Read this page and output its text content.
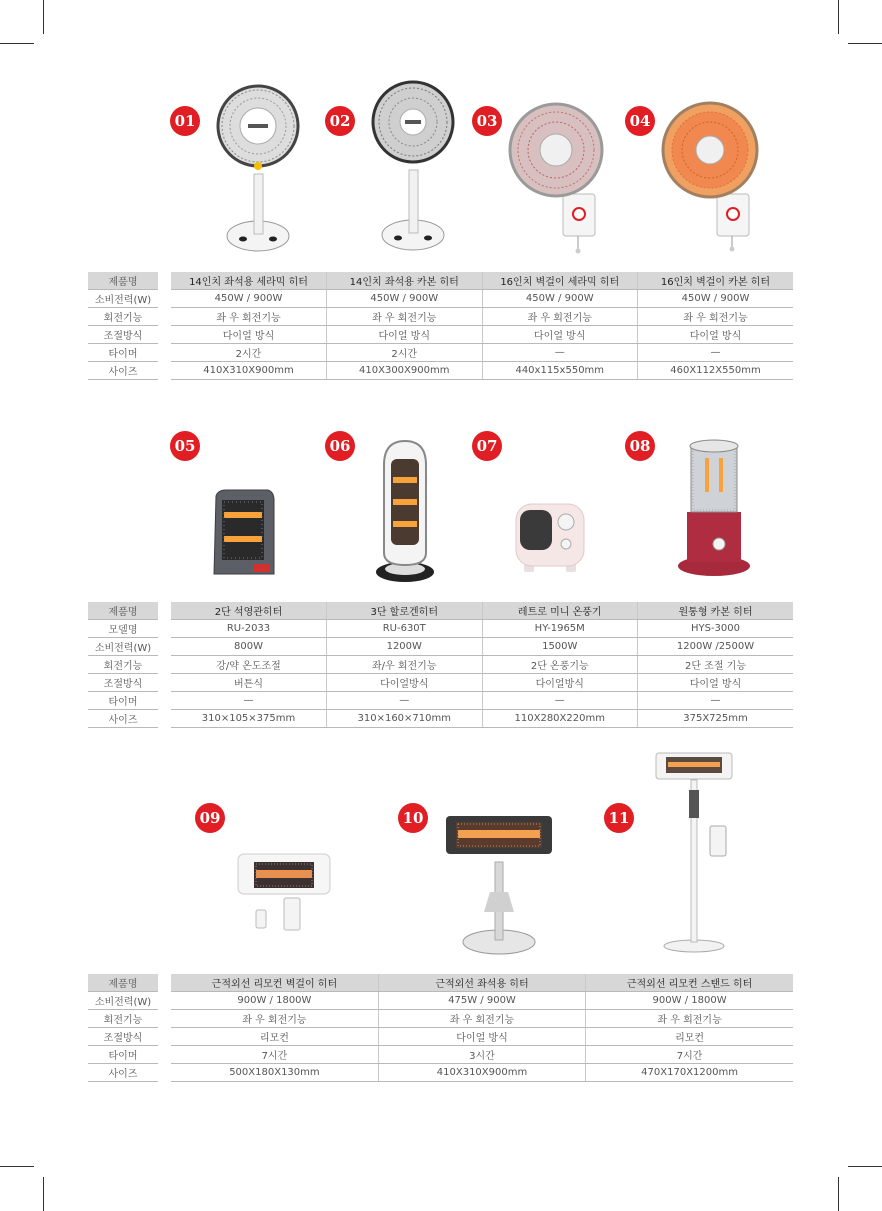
01	02	03	04
제품명		14인치 좌석용 세라믹 히터	14인치 좌석용 카본 히터	16인치 벽걸이 세라믹 히터	16인치 벽걸이 카본 히터
소비전력(W)		450W / 900W	450W / 900W	450W / 900W	450W / 900W
회전기능		좌 우 회전기능	좌 우 회전기능	좌 우 회전기능	좌 우 회전기능
조절방식		다이얼 방식	다이얼 방식	다이얼 방식	다이얼 방식
타이머		2시간	2시간	—	—
사이즈		410X310X900mm	410X300X900mm	440x115x550mm	460X112X550mm
05	06	07	08
제품명		2단 석영관히터	3단 할로겐히터	레트로 미니 온풍기	원통형 카본 히터
모델명		RU-2033	RU-630T	HY-1965M	HYS-3000
소비전력(W)		800W	1200W	1500W	1200W /2500W
회전기능		강/약 온도조절	좌/우 회전기능	2단 온풍기능	2단 조절 기능
조절방식		버튼식	다이얼방식	다이얼방식	다이얼 방식
타이머		—	—	—	—
사이즈		310×105×375mm	310×160×710mm	110X280X220mm	375X725mm
09	10	11
제품명		근적외선 리모컨 벽걸이 히터	근적외선 좌석용 히터	근적외선 리모컨 스탠드 히터
소비전력(W)		900W / 1800W	475W / 900W	900W / 1800W
회전기능		좌 우 회전기능	좌 우 회전기능	좌 우 회전기능
조절방식		리모컨	다이얼 방식	리모컨
타이머		7시간	3시간	7시간
사이즈		500X180X130mm	410X310X900mm	470X170X1200mm
